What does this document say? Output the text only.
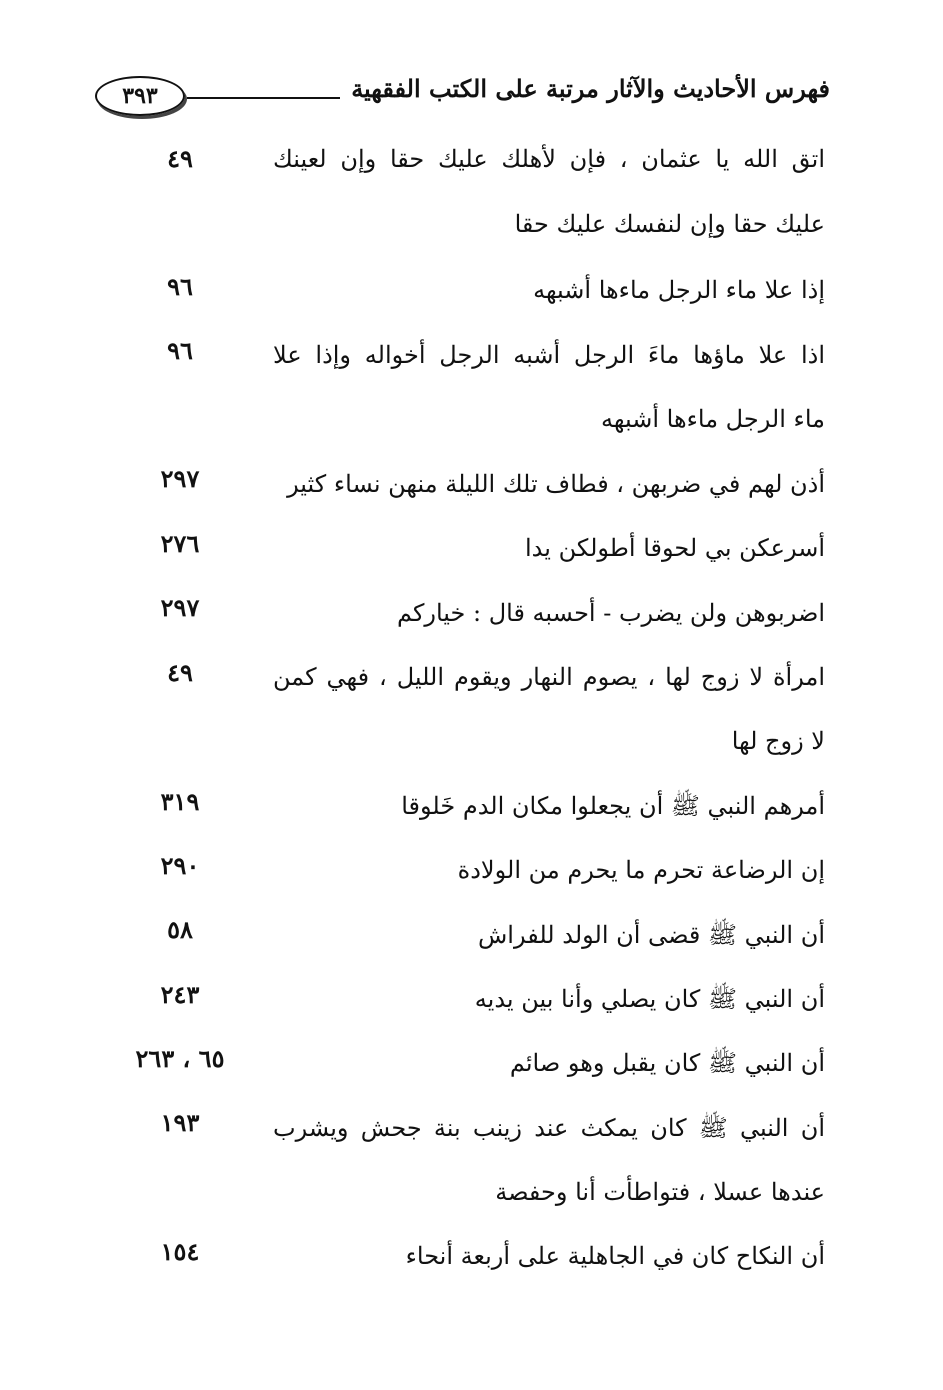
فهرس الأحاديث والآثار مرتبة على الكتب الفقهية
٣٩٣
اتق الله يا عثمان ، فإن لأهلك عليك حقا وإن لعينك
عليك حقا وإن لنفسك عليك حقا
٤٩
إذا علا ماء الرجل ماءها أشبهه
٩٦
اذا علا ماؤها ماءَ الرجل أشبه الرجل أخواله وإذا علا
ماء الرجل ماءها أشبهه
٩٦
أذن لهم في ضربهن ، فطاف تلك الليلة منهن نساء كثير
٢٩٧
أسرعكن بي لحوقا أطولكن يدا
٢٧٦
اضربوهن ولن يضرب - أحسبه قال : خياركم
٢٩٧
امرأة لا زوج لها ، يصوم النهار ويقوم الليل ، فهي كمن
لا زوج لها
٤٩
أمرهم النبي ﷺ أن يجعلوا مكان الدم خَلوقا
٣١٩
إن الرضاعة تحرم ما يحرم من الولادة
٢٩٠
أن النبي ﷺ قضى أن الولد للفراش
٥٨
أن النبي ﷺ كان يصلي وأنا بين يديه
٢٤٣
أن النبي ﷺ كان يقبل وهو صائم
٦٥ ، ٢٦٣
أن النبي ﷺ كان يمكث عند زينب بنة جحش ويشرب
عندها عسلا ، فتواطأت أنا وحفصة
١٩٣
أن النكاح كان في الجاهلية على أربعة أنحاء
١٥٤
